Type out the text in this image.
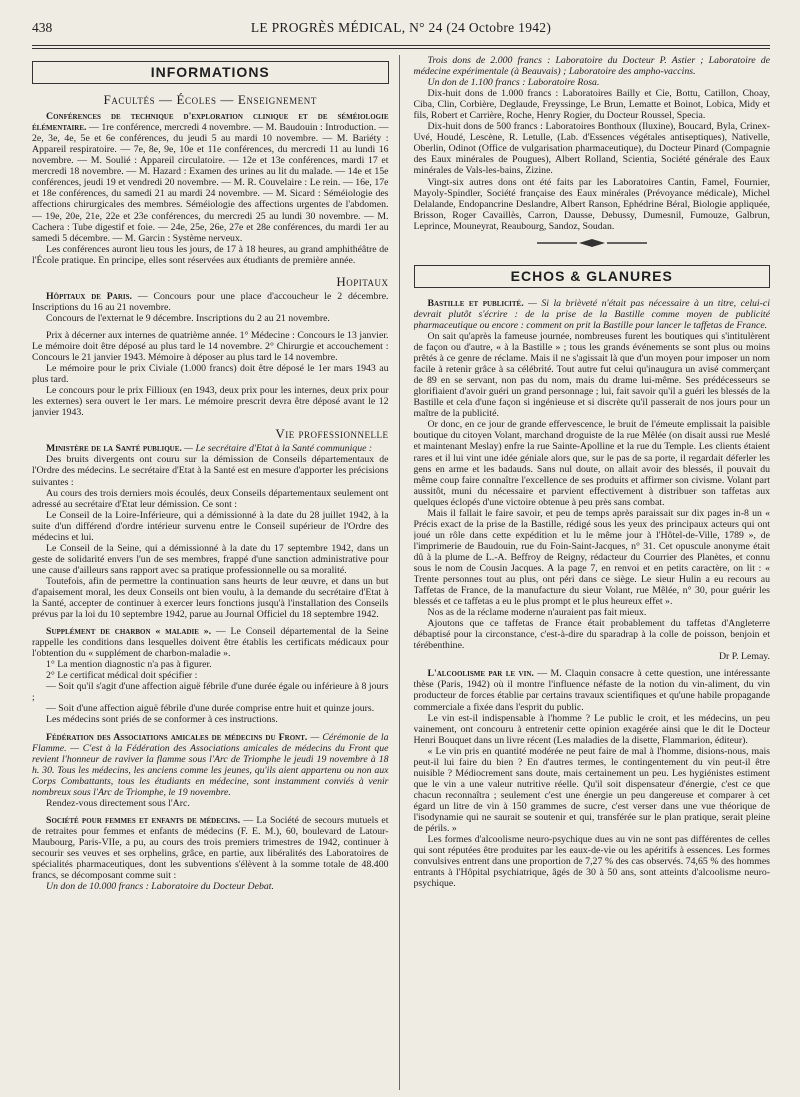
438	LE PROGRÈS MÉDICAL, N° 24 (24 Octobre 1942)
INFORMATIONS
Facultés — Écoles — Enseignement

Conférences de technique d'exploration clinique et de séméiologie élémentaire. — 1re conférence, mercredi 4 novembre. — M. Baudouin : Introduction. — 2e, 3e, 4e, 5e et 6e conférences, du jeudi 5 au mardi 10 novembre. — M. Bariéty : Appareil respiratoire. — 7e, 8e, 9e, 10e et 11e conférences, du mercredi 11 au lundi 16 novembre. — M. Soulié : Appareil circulatoire. — 12e et 13e conférences, mardi 17 et mercredi 18 novembre. — M. Hazard : Examen des urines au lit du malade. — 14e et 15e conférences, jeudi 19 et vendredi 20 novembre. — M. R. Couvelaire : Le rein. — 16e, 17e et 18e conférences, du samedi 21 au mardi 24 novembre. — M. Sicard : Séméiologie des affections chirurgicales des membres. Séméiologie des affections urgentes de l'abdomen. — 19e, 20e, 21e, 22e et 23e conférences, du mercredi 25 au lundi 30 novembre. — M. Cachera : Tube digestif et foie. — 24e, 25e, 26e, 27e et 28e conférences, du mardi 1er au samedi 5 décembre. — M. Garcin : Système nerveux.

Les conférences auront lieu tous les jours, de 17 à 18 heures, au grand amphithéâtre de l'École pratique. En principe, elles sont réservées aux étudiants de première année.

Hopitaux

Hôpitaux de Paris. — Concours pour une place d'accoucheur le 2 décembre. Inscriptions du 16 au 21 novembre.

Concours de l'externat le 9 décembre. Inscriptions du 2 au 21 novembre.

Prix à décerner aux internes de quatrième année. 1° Médecine : Concours le 13 janvier. Le mémoire doit être déposé au plus tard le 14 novembre. 2° Chirurgie et accouchement : Concours le 21 janvier 1943. Mémoire à déposer au plus tard le 14 novembre.

Le mémoire pour le prix Civiale (1.000 francs) doit être déposé le 1er mars 1943 au plus tard.

Le concours pour le prix Fillioux (en 1943, deux prix pour les internes, deux prix pour les externes) sera ouvert le 1er mars. Le mémoire prescrit devra être déposé avant le 12 janvier 1943.

Vie professionnelle

Ministère de la Santé publique. — Le secrétaire d'Etat à la Santé communique :

Des bruits divergents ont couru sur la démission de Conseils départementaux de l'Ordre des médecins. Le secrétaire d'Etat à la Santé est en mesure d'apporter les précisions suivantes :

Au cours des trois derniers mois écoulés, deux Conseils départementaux seulement ont adressé au secrétaire d'Etat leur démission. Ce sont :

Le Conseil de la Loire-Inférieure, qui a démissionné à la date du 28 juillet 1942, à la suite d'un différend d'ordre intérieur survenu entre le Conseil supérieur de l'Ordre des médecins et lui.

Le Conseil de la Seine, qui a démissionné à la date du 17 septembre 1942, dans un geste de solidarité envers l'un de ses membres, frappé d'une sanction administrative pour une cause d'ailleurs sans rapport avec sa pratique professionnelle ou sa moralité.

Toutefois, afin de permettre la continuation sans heurts de leur œuvre, et dans un but d'apaisement moral, les deux Conseils ont bien voulu, à la demande du secrétaire d'Etat à la Santé, accepter de continuer à exercer leurs fonctions jusqu'à l'installation des Conseils prévus par la loi du 10 septembre 1942, parue au Journal Officiel du 18 septembre 1942.

Supplément de charbon « maladie ». — Le Conseil départemental de la Seine rappelle les conditions dans lesquelles doivent être établis les certificats médicaux pour l'obtention du « supplément de charbon-maladie ».

1° La mention diagnostic n'a pas à figurer.

2° Le certificat médical doit spécifier :

— Soit qu'il s'agit d'une affection aiguë fébrile d'une durée égale ou inférieure à 8 jours ;

— Soit d'une affection aiguë fébrile d'une durée comprise entre huit et quinze jours.

Les médecins sont priés de se conformer à ces instructions.

Fédération des Associations amicales de médecins du Front. — Cérémonie de la Flamme. — C'est à la Fédération des Associations amicales de médecins du Front que revient l'honneur de raviver la flamme sous l'Arc de Triomphe le jeudi 19 novembre à 18 h. 30. Tous les médecins, les anciens comme les jeunes, qu'ils aient appartenu ou non aux Corps Combattants, tous les étudiants en médecine, sont instamment conviés à venir nombreux sous l'Arc de Triomphe, le 19 novembre.

Rendez-vous directement sous l'Arc.

Société pour femmes et enfants de médecins. — La Société de secours mutuels et de retraites pour femmes et enfants de médecins (F. E. M.), 60, boulevard de Latour-Maubourg, Paris-VIIe, a pu, au cours des trois premiers trimestres de 1942, continuer à secourir ses veuves et ses orphelins, grâce, en partie, aux libéralités des Laboratoires de spécialités pharmaceutiques, dont les subventions s'élèvent à la somme totale de 48.400 francs, se décomposant comme suit :

Un don de 10.000 francs : Laboratoire du Docteur Debat.

Trois dons de 2.000 francs : Laboratoire du Docteur P. Astier ; Laboratoire de médecine expérimentale (à Beauvais) ; Laboratoire des ampho-vaccins.

Un don de 1.100 francs : Laboratoire Rosa.

Dix-huit dons de 1.000 francs : Laboratoires Bailly et Cie, Bottu, Catillon, Choay, Ciba, Clin, Corbière, Deglaude, Freyssinge, Le Brun, Lematte et Boinot, Lobica, Midy et fils, Robert et Carrière, Roche, Henry Rogier, du Docteur Roussel, Specia.

Dix-huit dons de 500 francs : Laboratoires Bonthoux (Iluxine), Boucard, Byla, Crinex-Uvé, Houdé, Lescène, R. Letulle, (Lab. d'Essences végétales antiseptiques), Nativelle, Oberlin, Odinot (Office de vulgarisation pharmaceutique), du Docteur Pinard (Compagnie des Eaux minérales de Pougues), Albert Rolland, Scientia, Société générale des Eaux minérales de Vals-les-bains, Zizine.

Vingt-six autres dons ont été faits par les Laboratoires Cantin, Famel, Fournier, Mayoly-Spindler, Société française des Eaux minérales (Prévoyance médicale), Michel Delalande, Endopancrine Deslandre, Albert Ranson, Ephédrine Béral, Biologie appliquée, Brisson, Roger Cavaillès, Carron, Dausse, Debussy, Dumesnil, Fumouze, Galbrun, Leprince, Mouneyrat, Reaubourg, Sandoz, Soudan.

ECHOS & GLANURES

Bastille et publicité. — Si la brièveté n'était pas nécessaire à un titre, celui-ci devrait plutôt s'écrire : de la prise de la Bastille comme moyen de publicité pharmaceutique ou encore : comment on prit la Bastille pour lancer le taffetas de France.

On sait qu'après la fameuse journée, nombreuses furent les boutiques qui s'intitulèrent de façon ou d'autre, « à la Bastille » ; tous les grands événements se sont plus ou moins prêtés à ce genre de réclame. Mais il ne s'agissait là que d'un moyen pour imposer un nom facile à retenir grâce à sa célébrité. Tout autre fut celui qu'inaugura un avisé commerçant de 89 en se servant, non pas du nom, mais du drame lui-même. Ses prédécesseurs se glorifiaient d'avoir guéri un grand personnage ; lui, fait savoir qu'il a guéri les blessés de la Bastille et cela d'une façon si ingénieuse et si discrète qu'il passerait de nos jours pour un maître de la publicité.

Or donc, en ce jour de grande effervescence, le bruit de l'émeute emplissait la paisible boutique du citoyen Volant, marchand droguiste de la rue Mêlée (on disait aussi rue Meslé et maintenant Meslay) enfre la rue Sainte-Apolline et la rue du Temple. Les clients étaient rares et il lui vint une idée géniale alors que, sur le pas de sa porte, il regardait déferler les gens en arme et les badauds. Sans nul doute, on allait avoir des blessés, il pouvait du même coup faire connaître l'excellence de ses produits et affirmer son civisme. Volant part aussitôt, muni du nécessaire et parvient effectivement à distribuer son taffetas aux quelques éclopés d'une victoire obtenue à peu près sans combat.

Mais il fallait le faire savoir, et peu de temps après paraissait sur dix pages in-8 un « Précis exact de la prise de la Bastille, rédigé sous les yeux des principaux acteurs qui ont joué un rôle dans cette expédition et lu le même jour à l'Hôtel-de-Ville, 1789 », de l'imprimerie de Baudouin, rue du Foin-Saint-Jacques, n° 31. Cet opuscule anonyme était dû à la plume de L.-A. Beffroy de Reigny, rédacteur du Courrier des Planètes, et connu sous le nom de Cousin Jacques. A la page 7, en renvoi et en petits caractère, on lit : « Trente personnes tout au plus, ont péri dans ce siège. Le sieur Hulin a eu recours au Taffetas de France, de la manufacture du sieur Volant, rue Mêlée, n° 30, pour guérir les blessés et ce taffetas a eu le plus prompt et le plus heureux effet ».

Nos as de la réclame moderne n'auraient pas fait mieux.

Ajoutons que ce taffetas de France était probablement du taffetas d'Angleterre débaptisé pour la circonstance, c'est-à-dire du sparadrap à la colle de poisson, benjoin et térébenthine.

Dr P. Lemay.

L'alcoolisme par le vin. — M. Claquin consacre à cette question, une intéressante thèse (Paris, 1942) où il montre l'influence néfaste de la notion du vin-aliment, du vin producteur de forces établie par certains travaux scientifiques et qu'une habile propagande commerciale a fixée dans l'esprit du public.

Le vin est-il indispensable à l'homme ? Le public le croit, et les médecins, un peu vainement, ont concouru à entretenir cette opinion exagérée ainsi que le dit le Docteur Henri Bouquet dans un livre récent (Les maladies de la disette, Flammarion, éditeur).

« Le vin pris en quantité modérée ne peut faire de mal à l'homme, disions-nous, mais peut-il lui faire du bien ? En d'autres termes, le contingentement du vin peut-il être nuisible ? Médiocrement sans doute, mais certainement un peu. Les hygiénistes estiment que le vin a une valeur nutritive réelle. Qu'il soit dispensateur d'énergie, c'est ce que chacun reconnaîtra ; seulement c'est une énergie un peu dangereuse et comparer à cet égard un litre de vin à 150 grammes de sucre, c'est verser dans une vue théorique de l'isodynamie qui ne saurait se soutenir et qui, transférée sur le plan pratique, serait pleine de périls. »

Les formes d'alcoolisme neuro-psychique dues au vin ne sont pas différentes de celles qui sont réputées être produites par les eaux-de-vie ou les apéritifs à essences. Les formes convulsives entrent dans une proportion de 7,27 % des cas observés. 74,65 % des hommes entrants à l'Hôpital psychiatrique, âgés de 30 à 50 ans, sont atteints d'alcoolisme neuro-psychique.
